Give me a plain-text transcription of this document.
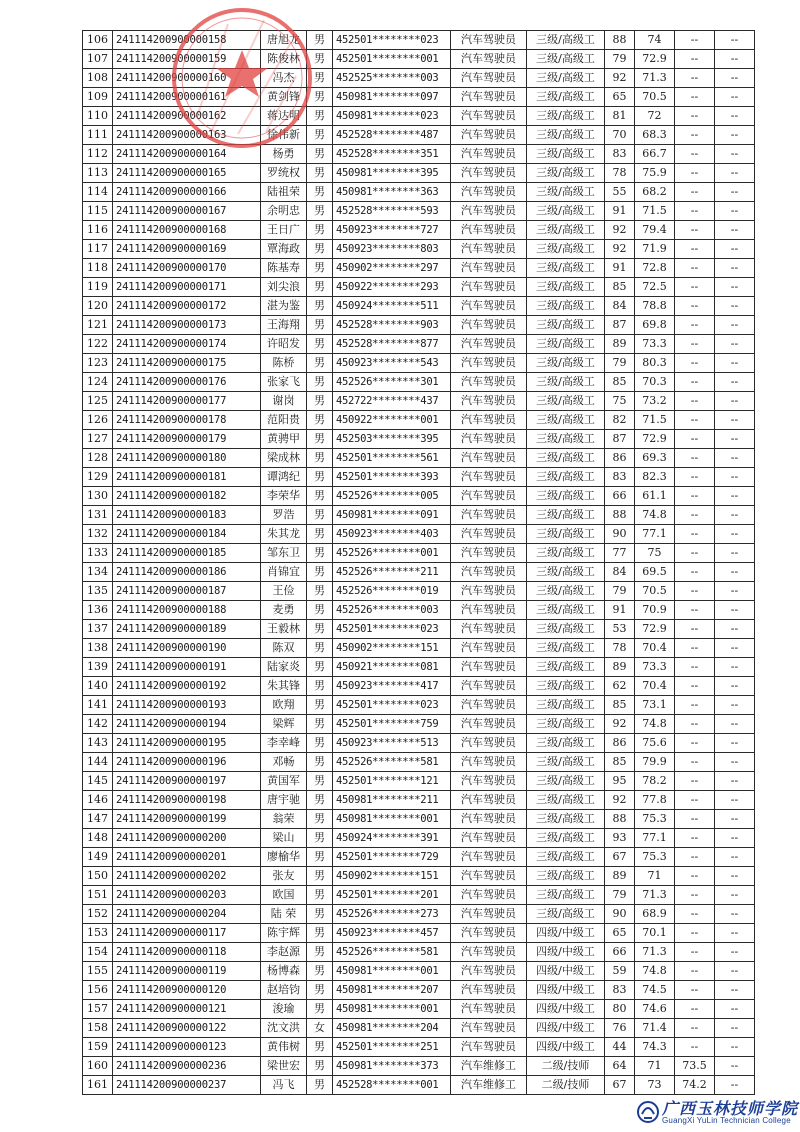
106	241114200900000158	唐旭龙	男	452501********023	汽车驾驶员	三级/高级工	88	74	--	--
107	241114200900000159	陈俊林	男	452501********001	汽车驾驶员	三级/高级工	79	72.9	--	--
108	241114200900000160	冯杰	男	452525********003	汽车驾驶员	三级/高级工	92	71.3	--	--
109	241114200900000161	黄剑锋	男	450981********097	汽车驾驶员	三级/高级工	65	70.5	--	--
110	241114200900000162	蒋达明	男	450981********023	汽车驾驶员	三级/高级工	81	72	--	--
111	241114200900000163	徐伟新	男	452528********487	汽车驾驶员	三级/高级工	70	68.3	--	--
112	241114200900000164	杨勇	男	452528********351	汽车驾驶员	三级/高级工	83	66.7	--	--
113	241114200900000165	罗统权	男	450981********395	汽车驾驶员	三级/高级工	78	75.9	--	--
114	241114200900000166	陆祖荣	男	450981********363	汽车驾驶员	三级/高级工	55	68.2	--	--
115	241114200900000167	余明忠	男	452528********593	汽车驾驶员	三级/高级工	91	71.5	--	--
116	241114200900000168	王日广	男	450923********727	汽车驾驶员	三级/高级工	92	79.4	--	--
117	241114200900000169	覃海政	男	450923********803	汽车驾驶员	三级/高级工	92	71.9	--	--
118	241114200900000170	陈基寿	男	450902********297	汽车驾驶员	三级/高级工	91	72.8	--	--
119	241114200900000171	刘尖浪	男	450922********293	汽车驾驶员	三级/高级工	85	72.5	--	--
120	241114200900000172	湛为鉴	男	450924********511	汽车驾驶员	三级/高级工	84	78.8	--	--
121	241114200900000173	王海翔	男	452528********903	汽车驾驶员	三级/高级工	87	69.8	--	--
122	241114200900000174	许昭发	男	452528********877	汽车驾驶员	三级/高级工	89	73.3	--	--
123	241114200900000175	陈桥	男	450923********543	汽车驾驶员	三级/高级工	79	80.3	--	--
124	241114200900000176	张家飞	男	452526********301	汽车驾驶员	三级/高级工	85	70.3	--	--
125	241114200900000177	谢岗	男	452722********437	汽车驾驶员	三级/高级工	75	73.2	--	--
126	241114200900000178	范阳贵	男	450922********001	汽车驾驶员	三级/高级工	82	71.5	--	--
127	241114200900000179	黄骋甲	男	452503********395	汽车驾驶员	三级/高级工	87	72.9	--	--
128	241114200900000180	梁成林	男	452501********561	汽车驾驶员	三级/高级工	86	69.3	--	--
129	241114200900000181	谭鸿纪	男	452501********393	汽车驾驶员	三级/高级工	83	82.3	--	--
130	241114200900000182	李荣华	男	452526********005	汽车驾驶员	三级/高级工	66	61.1	--	--
131	241114200900000183	罗浩	男	450981********091	汽车驾驶员	三级/高级工	88	74.8	--	--
132	241114200900000184	朱其龙	男	450923********403	汽车驾驶员	三级/高级工	90	77.1	--	--
133	241114200900000185	邹东卫	男	452526********001	汽车驾驶员	三级/高级工	77	75	--	--
134	241114200900000186	肖锦宜	男	452526********211	汽车驾驶员	三级/高级工	84	69.5	--	--
135	241114200900000187	王俭	男	452526********019	汽车驾驶员	三级/高级工	79	70.5	--	--
136	241114200900000188	麦勇	男	452526********003	汽车驾驶员	三级/高级工	91	70.9	--	--
137	241114200900000189	王毅林	男	452501********023	汽车驾驶员	三级/高级工	53	72.9	--	--
138	241114200900000190	陈双	男	450902********151	汽车驾驶员	三级/高级工	78	70.4	--	--
139	241114200900000191	陆家炎	男	450921********081	汽车驾驶员	三级/高级工	89	73.3	--	--
140	241114200900000192	朱其锋	男	450923********417	汽车驾驶员	三级/高级工	62	70.4	--	--
141	241114200900000193	欧翔	男	452501********023	汽车驾驶员	三级/高级工	85	73.1	--	--
142	241114200900000194	梁辉	男	452501********759	汽车驾驶员	三级/高级工	92	74.8	--	--
143	241114200900000195	李幸峰	男	450923********513	汽车驾驶员	三级/高级工	86	75.6	--	--
144	241114200900000196	邓畅	男	452526********581	汽车驾驶员	三级/高级工	85	79.9	--	--
145	241114200900000197	黄国军	男	452501********121	汽车驾驶员	三级/高级工	95	78.2	--	--
146	241114200900000198	唐宇驰	男	450981********211	汽车驾驶员	三级/高级工	92	77.8	--	--
147	241114200900000199	翁荣	男	450981********001	汽车驾驶员	三级/高级工	88	75.3	--	--
148	241114200900000200	梁山	男	450924********391	汽车驾驶员	三级/高级工	93	77.1	--	--
149	241114200900000201	廖榆华	男	452501********729	汽车驾驶员	三级/高级工	67	75.3	--	--
150	241114200900000202	张友	男	450902********151	汽车驾驶员	三级/高级工	89	71	--	--
151	241114200900000203	欧国	男	452501********201	汽车驾驶员	三级/高级工	79	71.3	--	--
152	241114200900000204	陆 荣	男	452526********273	汽车驾驶员	三级/高级工	90	68.9	--	--
153	241114200900000117	陈宇辉	男	450923********457	汽车驾驶员	四级/中级工	65	70.1	--	--
154	241114200900000118	李赵源	男	452526********581	汽车驾驶员	四级/中级工	66	71.3	--	--
155	241114200900000119	杨博森	男	450981********001	汽车驾驶员	四级/中级工	59	74.8	--	--
156	241114200900000120	赵培钧	男	450981********207	汽车驾驶员	四级/中级工	83	74.5	--	--
157	241114200900000121	浚瑜	男	450981********001	汽车驾驶员	四级/中级工	80	74.6	--	--
158	241114200900000122	沈文洪	女	450981********204	汽车驾驶员	四级/中级工	76	71.4	--	--
159	241114200900000123	黄伟树	男	452501********251	汽车驾驶员	四级/中级工	44	74.3	--	--
160	241114200900000236	梁世宏	男	450981********373	汽车维修工	二级/技师	64	71	73.5	--
161	241114200900000237	冯飞	男	452528********001	汽车维修工	二级/技师	67	73	74.2	--
广西玉林技师学院
GuangXi YuLin Technician College
